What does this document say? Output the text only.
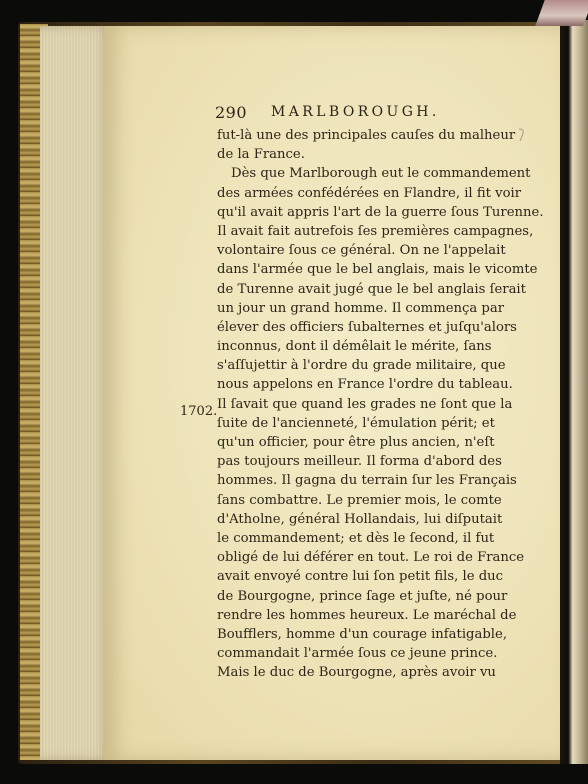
290 MARLBOROUGH.
1702.
fut-là une des principales cauſes du malheur
de la France.
Dès que Marlborough eut le commandement
des armées confédérées en Flandre, il fit voir
qu'il avait appris l'art de la guerre ſous Turenne.
Il avait fait autrefois ſes premières campagnes,
volontaire ſous ce général. On ne l'appelait
dans l'armée que le bel anglais, mais le vicomte
de Turenne avait jugé que le bel anglais ſerait
un jour un grand homme. Il commença par
élever des officiers ſubalternes et juſqu'alors
inconnus, dont il démêlait le mérite, ſans
s'aſſujettir à l'ordre du grade militaire, que
nous appelons en France l'ordre du tableau.
Il ſavait que quand les grades ne ſont que la
ſuite de l'ancienneté, l'émulation périt; et
qu'un officier, pour être plus ancien, n'eſt
pas toujours meilleur. Il forma d'abord des
hommes. Il gagna du terrain ſur les Français
ſans combattre. Le premier mois, le comte
d'Atholne, général Hollandais, lui diſputait
le commandement; et dès le ſecond, il fut
obligé de lui déférer en tout. Le roi de France
avait envoyé contre lui ſon petit fils, le duc
de Bourgogne, prince ſage et juſte, né pour
rendre les hommes heureux. Le maréchal de
Boufflers, homme d'un courage infatigable,
commandait l'armée ſous ce jeune prince.
Mais le duc de Bourgogne, après avoir vu
